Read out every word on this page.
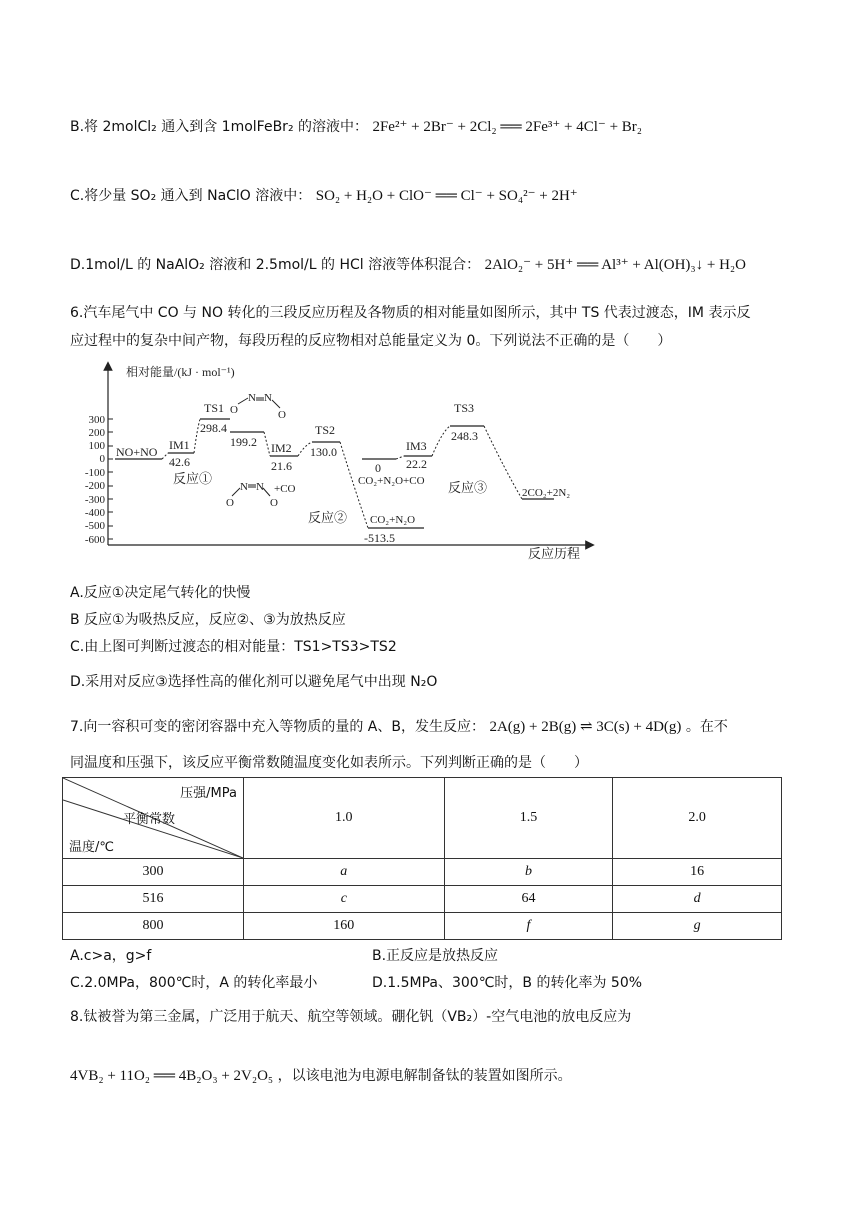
B.将 2molCl₂ 通入到含 1molFeBr₂ 的溶液中： 2Fe²⁺ + 2Br⁻ + 2Cl₂ ══ 2Fe³⁺ + 4Cl⁻ + Br₂
C.将少量 SO₂ 通入到 NaClO 溶液中： SO₂ + H₂O + ClO⁻ ══ Cl⁻ + SO₄²⁻ + 2H⁺
D.1mol/L 的 NaAlO₂ 溶液和 2.5mol/L 的 HCl 溶液等体积混合： 2AlO₂⁻ + 5H⁺ ══ Al³⁺ + Al(OH)₃↓ + H₂O
6.汽车尾气中 CO 与 NO 转化的三段反应历程及各物质的相对能量如图所示，其中 TS 代表过渡态，IM 表示反
应过程中的复杂中间产物，每段历程的反应物相对总能量定义为 0。下列说法不正确的是（　　）
相对能量/(kJ · mol⁻¹)
反应历程
300
200
100
0
-100
-200
-300
-400
-500
-600
NO+NO IM1
42.6
TS1
298.4
199.2 IM2
21.6
TS2
130.0
CO₂+N₂O
-513.5
0
CO₂+N₂O+CO
IM3
22.2
TS3
248.3
2CO₂+2N₂
反应①
反应②
反应③
N N
O	O
N N
O	O
+CO
A.反应①决定尾气转化的快慢
B 反应①为吸热反应，反应②、③为放热反应
C.由上图可判断过渡态的相对能量：TS1>TS3>TS2
D.采用对反应③选择性高的催化剂可以避免尾气中出现 N₂O
7.向一容积可变的密闭容器中充入等物质的量的 A、B，发生反应： 2A(g) + 2B(g) ⇌ 3C(s) + 4D(g) 。在不
同温度和压强下，该反应平衡常数随温度变化如表所示。下列判断正确的是（　　）
压强/MPa
平衡常数
温度/℃	1.0	1.5	2.0
300	a	b	16
516	c	64	d
800	160	f	g
A.c>a，g>f	B.正反应是放热反应
C.2.0MPa，800℃时，A 的转化率最小	D.1.5MPa、300℃时，B 的转化率为 50%
8.钛被誉为第三金属，广泛用于航天、航空等领域。硼化钒（VB₂）-空气电池的放电反应为
4VB₂ + 11O₂ ══ 4B₂O₃ + 2V₂O₅ ，以该电池为电源电解制备钛的装置如图所示。
